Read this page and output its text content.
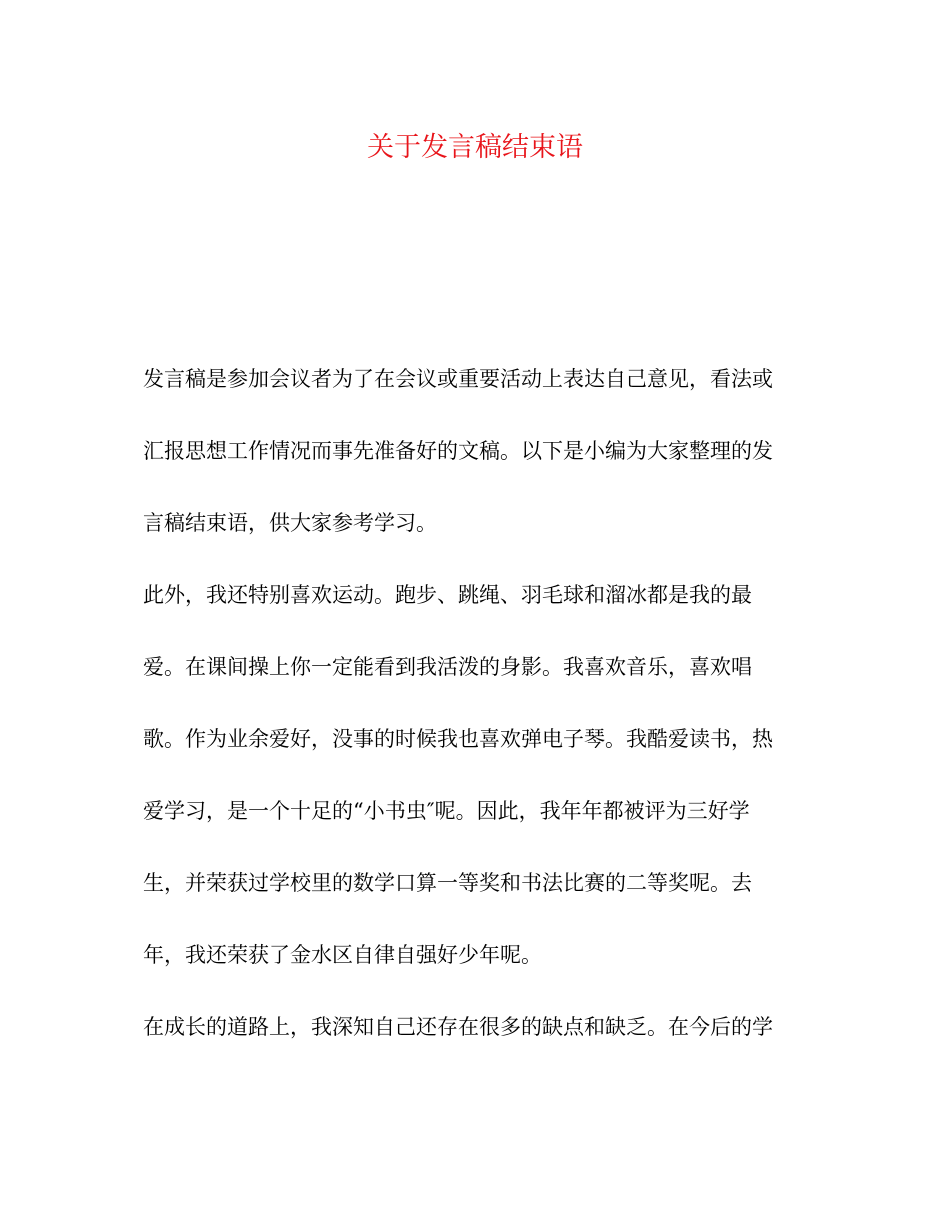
关于发言稿结束语

发言稿是参加会议者为了在会议或重要活动上表达自己意见，看法或

汇报思想工作情况而事先准备好的文稿。以下是小编为大家整理的发

言稿结束语，供大家参考学习。

此外，我还特别喜欢运动。跑步、跳绳、羽毛球和溜冰都是我的最

爱。在课间操上你一定能看到我活泼的身影。我喜欢音乐，喜欢唱

歌。作为业余爱好，没事的时候我也喜欢弹电子琴。我酷爱读书，热

爱学习，是一个十足的“小书虫″呢。因此，我年年都被评为三好学

生，并荣获过学校里的数学口算一等奖和书法比赛的二等奖呢。去

年，我还荣获了金水区自律自强好少年呢。

在成长的道路上，我深知自己还存在很多的缺点和缺乏。在今后的学
